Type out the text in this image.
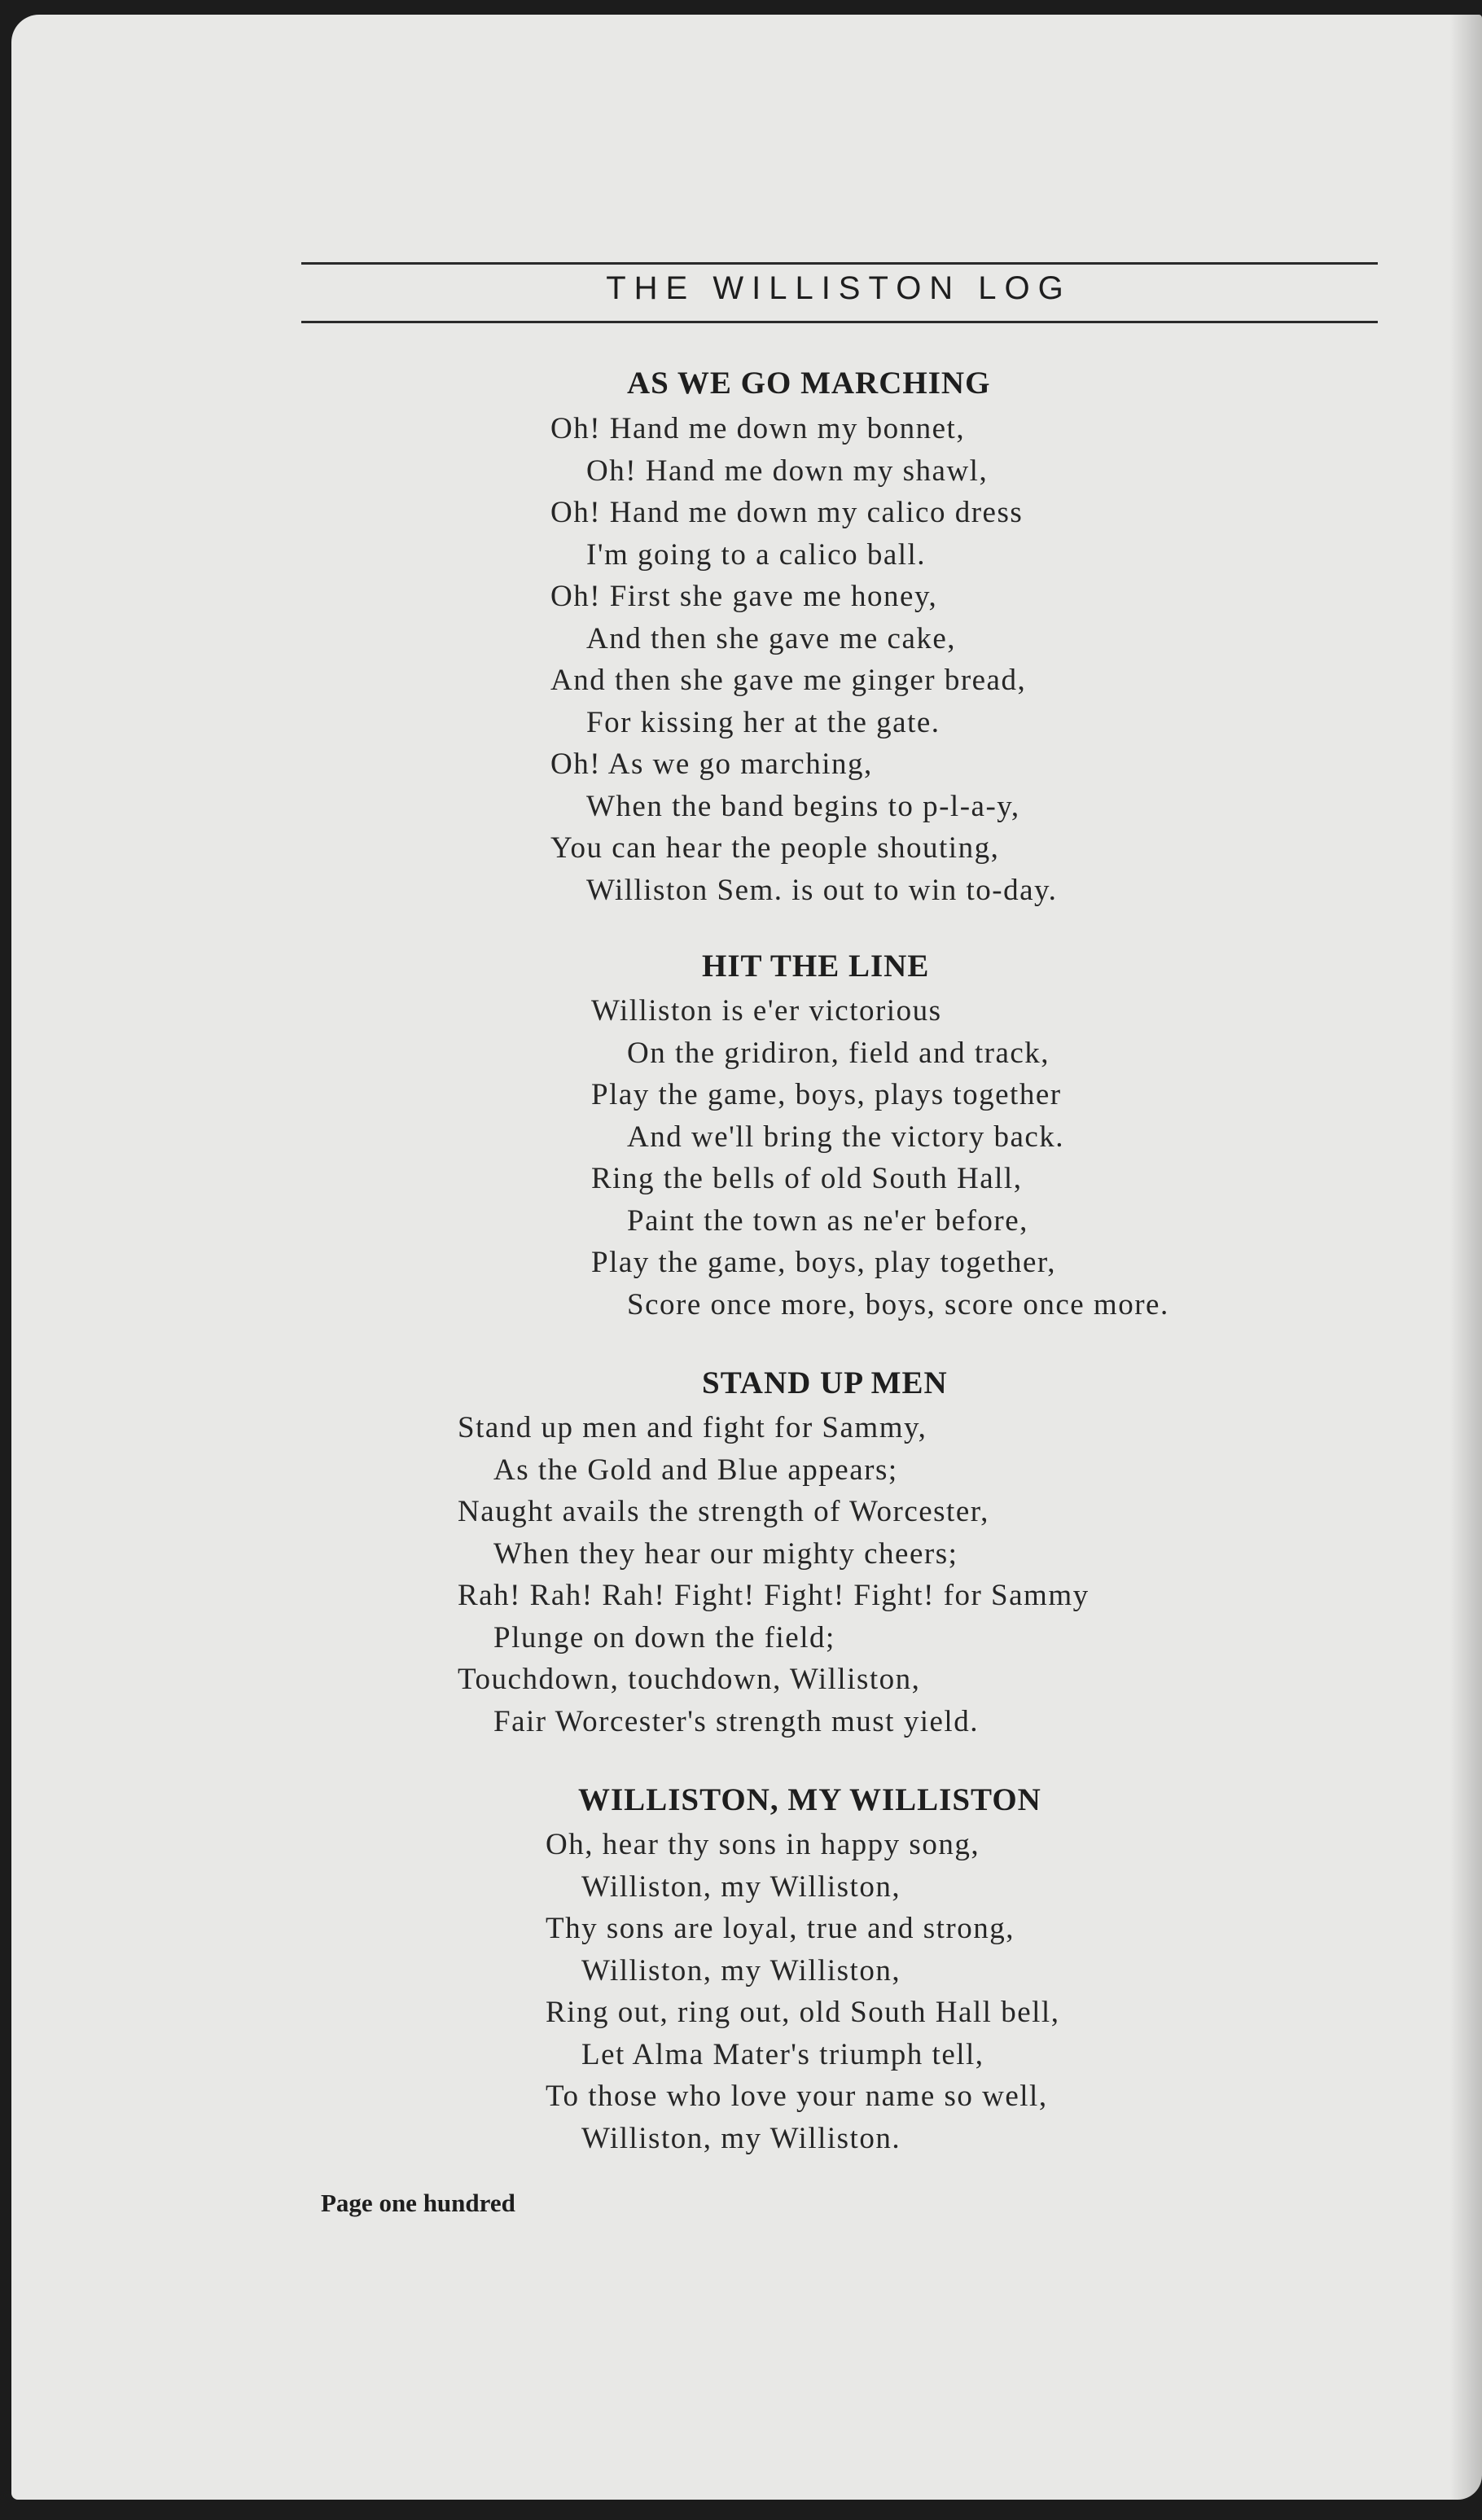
THE WILLISTON LOG
AS WE GO MARCHING
Oh! Hand me down my bonnet,
Oh! Hand me down my shawl,
Oh! Hand me down my calico dress
I'm going to a calico ball.
Oh! First she gave me honey,
And then she gave me cake,
And then she gave me ginger bread,
For kissing her at the gate.
Oh! As we go marching,
When the band begins to p-l-a-y,
You can hear the people shouting,
Williston Sem. is out to win to-day.
HIT THE LINE
Williston is e'er victorious
On the gridiron, field and track,
Play the game, boys, plays together
And we'll bring the victory back.
Ring the bells of old South Hall,
Paint the town as ne'er before,
Play the game, boys, play together,
Score once more, boys, score once more.
STAND UP MEN
Stand up men and fight for Sammy,
As the Gold and Blue appears;
Naught avails the strength of Worcester,
When they hear our mighty cheers;
Rah! Rah! Rah! Fight! Fight! Fight! for Sammy
Plunge on down the field;
Touchdown, touchdown, Williston,
Fair Worcester's strength must yield.
WILLISTON, MY WILLISTON
Oh, hear thy sons in happy song,
Williston, my Williston,
Thy sons are loyal, true and strong,
Williston, my Williston,
Ring out, ring out, old South Hall bell,
Let Alma Mater's triumph tell,
To those who love your name so well,
Williston, my Williston.
Page one hundred
